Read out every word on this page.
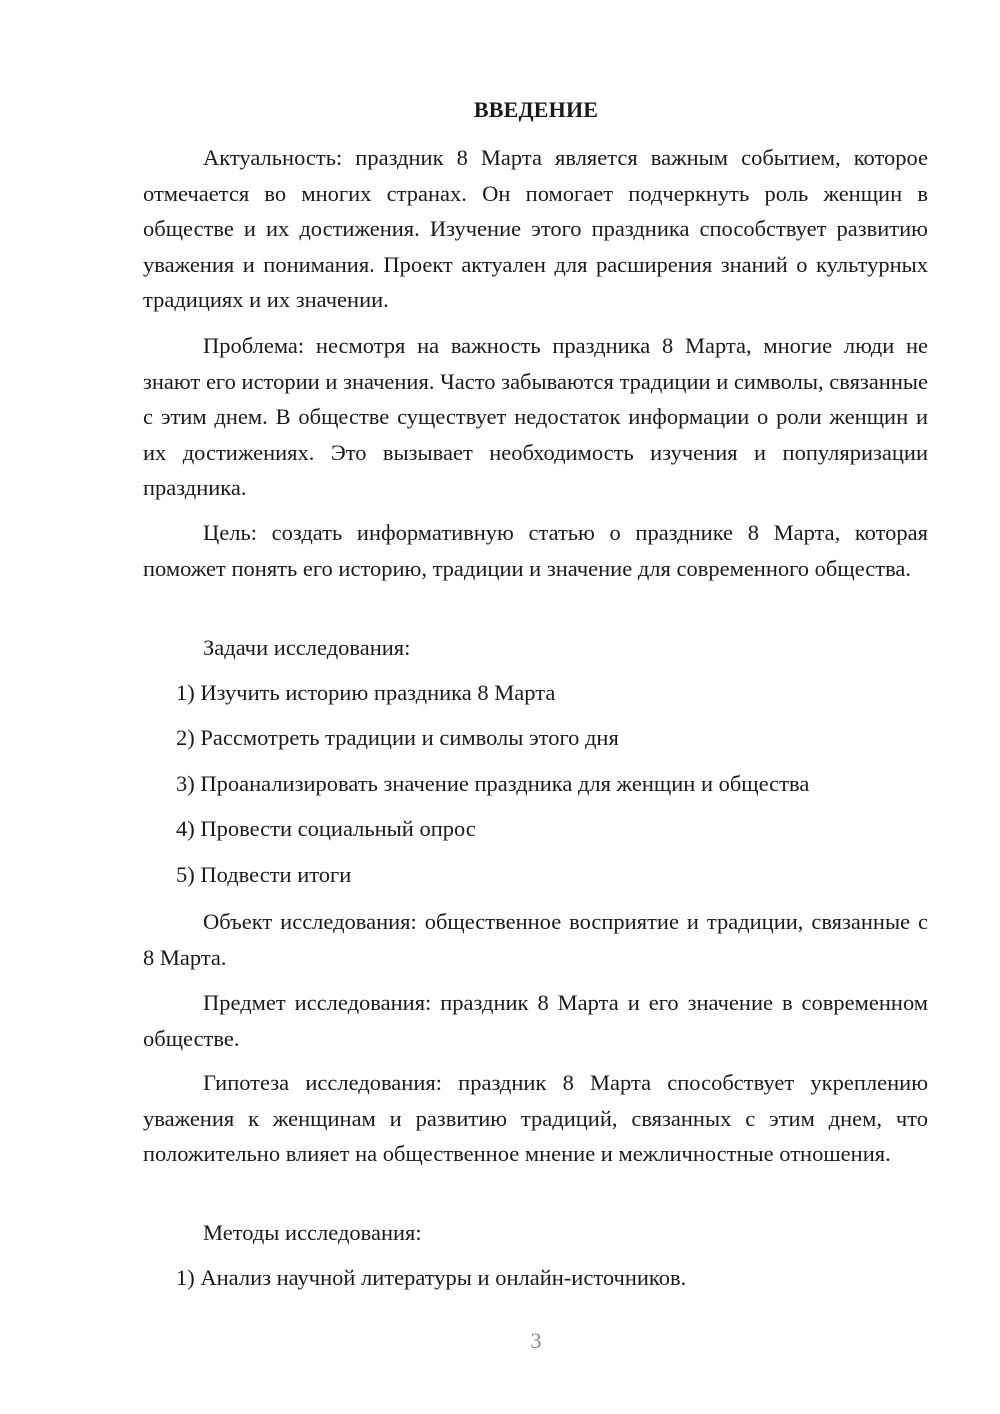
ВВЕДЕНИЕ

Актуальность: праздник 8 Марта является важным событием, которое отмечается во многих странах. Он помогает подчеркнуть роль женщин в обществе и их достижения. Изучение этого праздника способствует развитию уважения и понимания. Проект актуален для расширения знаний о культурных традициях и их значении.

Проблема: несмотря на важность праздника 8 Марта, многие люди не знают его истории и значения. Часто забываются традиции и символы, связанные с этим днем. В обществе существует недостаток информации о роли женщин и их достижениях. Это вызывает необходимость изучения и популяризации праздника.

Цель: создать информативную статью о празднике 8 Марта, которая поможет понять его историю, традиции и значение для современного общества.

Задачи исследования:
1) Изучить историю праздника 8 Марта
2) Рассмотреть традиции и символы этого дня
3) Проанализировать значение праздника для женщин и общества
4) Провести социальный опрос
5) Подвести итоги

Объект исследования: общественное восприятие и традиции, связанные с 8 Марта.

Предмет исследования: праздник 8 Марта и его значение в современном обществе.

Гипотеза исследования: праздник 8 Марта способствует укреплению уважения к женщинам и развитию традиций, связанных с этим днем, что положительно влияет на общественное мнение и межличностные отношения.

Методы исследования:
1) Анализ научной литературы и онлайн-источников.
3
